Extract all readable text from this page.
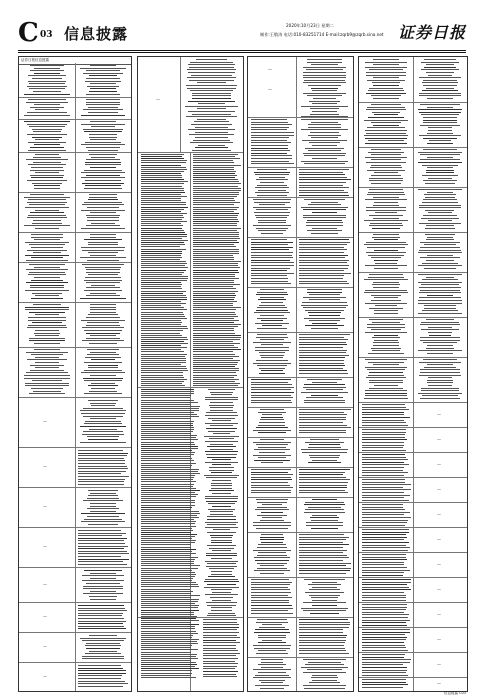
C 03 信息披露	2020年10月23日 星期二
制作:王敬涛 电话:010-83251714 E-mail:zqrb9@zqrb.sina.net 证券日报
证券日报信息披露
—
—
—
—
—
—
—
—
—
—
—
—
—
—
—
—
—
—
—
—
—
—
—
信息披露 C03
